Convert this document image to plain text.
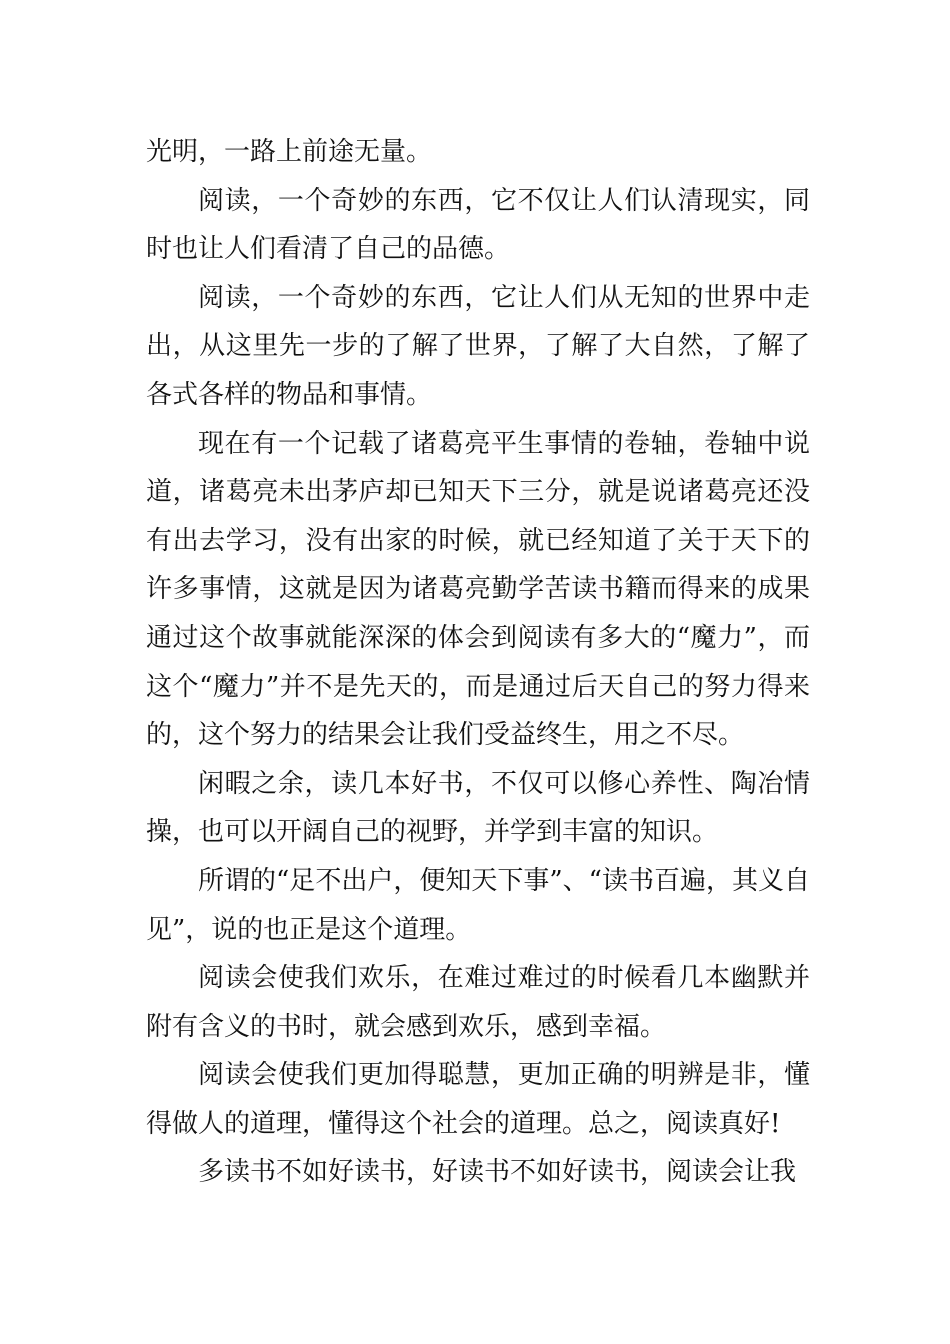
光明，一路上前途无量。

阅读，一个奇妙的东西，它不仅让人们认清现实，同时也让人们看清了自己的品德。

阅读，一个奇妙的东西，它让人们从无知的世界中走出，从这里先一步的了解了世界，了解了大自然，了解了各式各样的物品和事情。

现在有一个记载了诸葛亮平生事情的卷轴，卷轴中说道，诸葛亮未出茅庐却已知天下三分，就是说诸葛亮还没有出去学习，没有出家的时候，就已经知道了关于天下的许多事情，这就是因为诸葛亮勤学苦读书籍而得来的成果通过这个故事就能深深的体会到阅读有多大的“魔力”，而这个“魔力”并不是先天的，而是通过后天自己的努力得来的，这个努力的结果会让我们受益终生，用之不尽。

闲暇之余，读几本好书，不仅可以修心养性、陶冶情操，也可以开阔自己的视野，并学到丰富的知识。

所谓的“足不出户，便知天下事”、“读书百遍，其义自见”，说的也正是这个道理。

阅读会使我们欢乐，在难过难过的时候看几本幽默并附有含义的书时，就会感到欢乐，感到幸福。

阅读会使我们更加得聪慧，更加正确的明辨是非，懂得做人的道理，懂得这个社会的道理。总之，阅读真好!

多读书不如好读书，好读书不如好读书，阅读会让我
